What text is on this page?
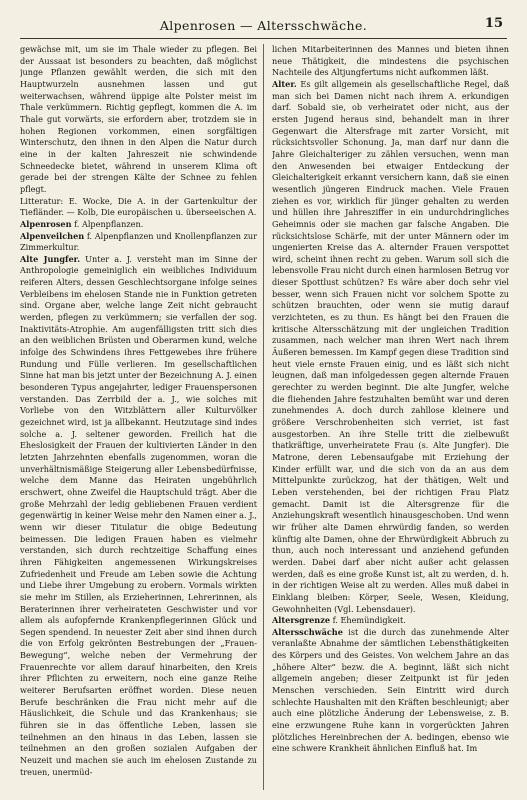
Alpenrosen — Altersschwäche.	15

gewächse mit, um sie im Thale wieder zu pflegen. Bei der Aussaat ist besonders zu beachten, daß möglichst junge Pflanzen gewählt werden, die sich mit den Hauptwurzeln ausnehmen lassen und gut weiterwachsen, während üppige alte Polster meist im Thale verkümmern. Richtig gepflegt, kommen die A. im Thale gut vorwärts, sie erfordern aber, trotzdem sie in hohen Regionen vorkommen, einen sorgfältigen Winterschutz, den ihnen in den Alpen die Natur durch eine in der kalten Jahreszeit nie schwindende Schneedecke bietet, während in unserem Klima oft gerade bei der strengen Kälte der Schnee zu fehlen pflegt.

Litteratur: E. Wocke, Die A. in der Gartenkultur der Tiefländer. — Kolb, Die europäischen u. überseeischen A.

Alpenrosen f. Alpenpflanzen.

Alpenveilchen f. Alpenpflanzen und Knollenpflanzen zur Zimmerkultur.

Alte Jungfer. Unter a. J. versteht man im Sinne der Anthropologie gemeiniglich ein weibliches Individuum reiferen Alters, dessen Geschlechtsorgane infolge seines Verbleibens im ehelosen Stande nie in Funktion getreten sind. Organe aber, welche lange Zeit nicht gebraucht werden, pflegen zu verkümmern; sie verfallen der sog. Inaktivitäts-Atrophie. Am augenfälligsten tritt sich dies an den weiblichen Brüsten und Oberarmen kund, welche infolge des Schwindens ihres Fettgewebes ihre frühere Rundung und Fülle verlieren. Im gesellschaftlichen Sinne hat man bis jetzt unter der Bezeichnung A. J. einen besonderen Typus angejahrter, lediger Frauenspersonen verstanden. Das Zerrbild der a. J., wie solches mit Vorliebe von den Witzblättern aller Kulturvölker gezeichnet wird, ist ja allbekannt. Heutzutage sind indes solche a. J. seltener geworden. Freilich hat die Eheslosigkeit der Frauen der kultivierten Länder in den letzten Jahrzehnten ebenfalls zugenommen, woran die unverhältnismäßige Steigerung aller Lebensbedürfnisse, welche dem Manne das Heiraten ungebührlich erschwert, ohne Zweifel die Hauptschuld trägt. Aber die große Mehrzahl der ledig gebliebenen Frauen verdient gegenwärtig in keiner Weise mehr den Namen einer a. J., wenn wir dieser Titulatur die obige Bedeutung beimessen. Die ledigen Frauen haben es vielmehr verstanden, sich durch rechtzeitige Schaffung eines ihren Fähigkeiten angemessenen Wirkungskreises Zufriedenheit und Freude am Leben sowie die Achtung und Liebe ihrer Umgebung zu erobern. Vormals wirkten sie mehr im Stillen, als Erzieherinnen, Lehrerinnen, als Beraterinnen ihrer verheirateten Geschwister und vor allem als aufopfernde Krankenpflegerinnen Glück und Segen spendend. In neuester Zeit aber sind ihnen durch die von Erfolg gekrönten Bestrebungen der „Frauen-Bewegung“, welche neben der Vermehrung der Frauenrechte vor allem darauf hinarbeiten, den Kreis ihrer Pflichten zu erweitern, noch eine ganze Reihe weiterer Berufsarten eröffnet worden. Diese neuen Berufe beschränken die Frau nicht mehr auf die Häuslichkeit, die Schule und das Krankenhaus; sie führen sie in das öffentliche Leben, lassen sie teilnehmen an den hinaus in das Leben, lassen sie teilnehmen an den großen sozialen Aufgaben der Neuzeit und machen sie auch im ehelosen Zustande zu treuen, unermüd-

lichen Mitarbeiterinnen des Mannes und bieten ihnen neue Thätigkeit, die mindestens die psychischen Nachteile des Altjungfertums nicht aufkommen läßt.

Alter. Es gilt allgemein als gesellschaftliche Regel, daß man sich bei Damen nicht nach ihrem A. erkundigen darf. Sobald sie, ob verheiratet oder nicht, aus der ersten Jugend heraus sind, behandelt man in ihrer Gegenwart die Altersfrage mit zarter Vorsicht, mit rücksichtsvoller Schonung. Ja, man darf nur dann die Jahre Gleichalteriger zu zählen versuchen, wenn man den Anwesenden bei etwaiger Entdeckung der Gleichalterigkeit erkannt versichern kann, daß sie einen wesentlich jüngeren Eindruck machen. Viele Frauen ziehen es vor, wirklich für jünger gehalten zu werden und hüllen ihre Jahresziffer in ein undurchdringliches Geheimnis oder sie machen gar falsche Angaben. Die rücksichtslose Schärfe, mit der unter Männern oder im ungenierten Kreise das A. alternder Frauen verspottet wird, scheint ihnen recht zu geben. Warum soll sich die lebensvolle Frau nicht durch einen harmlosen Betrug vor dieser Spottlust schützen? Es wäre aber doch sehr viel besser, wenn sich Frauen nicht vor solchem Spotte zu schützen brauchten, oder wenn sie mutig darauf verzichteten, es zu thun. Es hängt bei den Frauen die kritische Altersschätzung mit der ungleichen Tradition zusammen, nach welcher man ihren Wert nach ihrem Äußeren bemessen. Im Kampf gegen diese Tradition sind heut viele ernste Frauen einig, und es läßt sich nicht leugnen, daß man infolgedessen gegen alternde Frauen gerechter zu werden beginnt. Die alte Jungfer, welche die fliehenden Jahre festzuhalten bemüht war und deren zunehmendes A. doch durch zahllose kleinere und größere Verschrobenheiten sich verriet, ist fast ausgestorben. An ihre Stelle tritt die zielbewußt thatkräftige, unverheiratete Frau (s. Alte Jungfer). Die Matrone, deren Lebensaufgabe mit Erziehung der Kinder erfüllt war, und die sich von da an aus dem Mittelpunkte zurückzog, hat der thätigen, Welt und Leben verstehenden, bei der richtigen Frau Platz gemacht. Damit ist die Altersgrenze für die Anziehungskraft wesentlich hinausgeschoben. Und wenn wir früher alte Damen ehrwürdig fanden, so werden künftig alte Damen, ohne der Ehrwürdigkeit Abbruch zu thun, auch noch interessant und anziehend gefunden werden. Dabei darf aber nicht außer acht gelassen werden, daß es eine große Kunst ist, alt zu werden, d. h. in der richtigen Weise alt zu werden. Alles muß dabei in Einklang bleiben: Körper, Seele, Wesen, Kleidung, Gewohnheiten (Vgl. Lebensdauer).

Altersgrenze f. Ehemündigkeit.

Altersschwäche ist die durch das zunehmende Alter veranlaßte Abnahme der sämtlichen Lebensthätigkeiten des Körpers und des Geistes. Von welchem Jahre an das „höhere Alter“ bezw. die A. beginnt, läßt sich nicht allgemein angeben; dieser Zeitpunkt ist für jeden Menschen verschieden. Sein Eintritt wird durch schlechte Haushalten mit den Kräften beschleunigt; aber auch eine plötzliche Änderung der Lebensweise, z. B. eine erzwungene Ruhe kann in vorgerückten Jahren plötzliches Hereinbrechen der A. bedingen, ebenso wie eine schwere Krankheit ähnlichen Einfluß hat. Im
